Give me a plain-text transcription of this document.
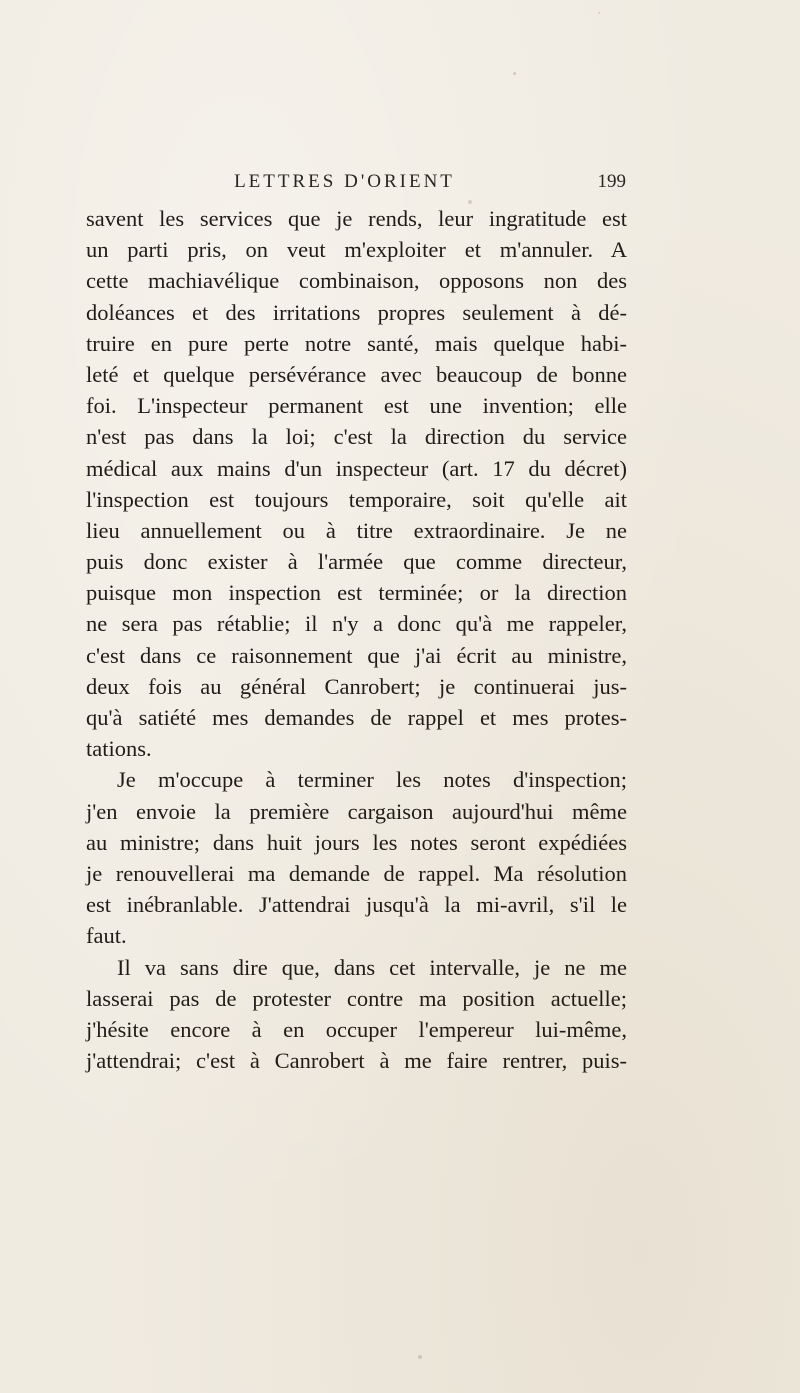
LETTRES D'ORIENT	199
savent les services que je rends, leur ingratitude est
un parti pris, on veut m'exploiter et m'annuler. A
cette machiavélique combinaison, opposons non des
doléances et des irritations propres seulement à dé-
truire en pure perte notre santé, mais quelque habi-
leté et quelque persévérance avec beaucoup de bonne
foi. L'inspecteur permanent est une invention; elle
n'est pas dans la loi; c'est la direction du service
médical aux mains d'un inspecteur (art. 17 du décret)
l'inspection est toujours temporaire, soit qu'elle ait
lieu annuellement ou à titre extraordinaire. Je ne
puis donc exister à l'armée que comme directeur,
puisque mon inspection est terminée; or la direction
ne sera pas rétablie; il n'y a donc qu'à me rappeler,
c'est dans ce raisonnement que j'ai écrit au ministre,
deux fois au général Canrobert; je continuerai jus-
qu'à satiété mes demandes de rappel et mes protes-
tations.
Je m'occupe à terminer les notes d'inspection;
j'en envoie la première cargaison aujourd'hui même
au ministre; dans huit jours les notes seront expédiées
je renouvellerai ma demande de rappel. Ma résolution
est inébranlable. J'attendrai jusqu'à la mi-avril, s'il le
faut.
Il va sans dire que, dans cet intervalle, je ne me
lasserai pas de protester contre ma position actuelle;
j'hésite encore à en occuper l'empereur lui-même,
j'attendrai; c'est à Canrobert à me faire rentrer, puis-
